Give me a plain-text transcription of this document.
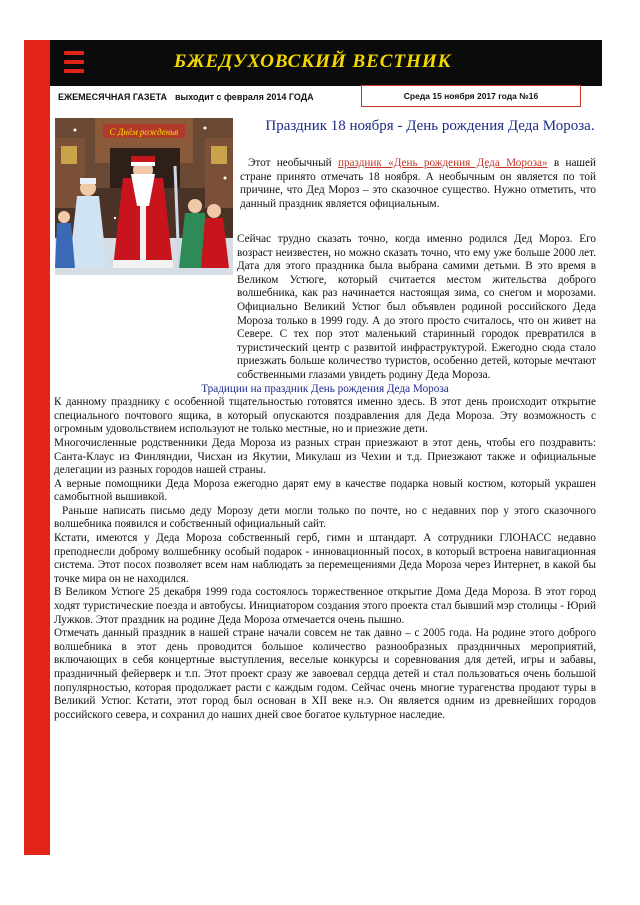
БЖЕДУХОВСКИЙ ВЕСТНИК
ЕЖЕМЕСЯЧНАЯ ГАЗЕТА выходит с февраля 2014 ГОДА	Среда 15 ноября 2017 года №16
С Днём рожденья	Праздник 18 ноября - День рождения Деда Мороза.

Этот необычный праздник «День рождения Деда Мороза» в нашей стране принято отмечать 18 ноября. А необычным он является по той причине, что Дед Мороз – это сказочное существо. Нужно отметить, что данный праздник является официальным.

Сейчас трудно сказать точно, когда именно родился Дед Мороз. Его возраст неизвестен, но можно сказать точно, что ему уже больше 2000 лет. Дата для этого праздника была выбрана самими детьми. В это время в Великом Устюге, который считается местом жительства доброго волшебника, как раз начинается настоящая зима, со снегом и морозами. Официально Великий Устюг был объявлен родиной российского Деда Мороза только в 1999 году. А до этого просто считалось, что он живет на Севере. С тех пор этот маленький старинный городок превратился в туристический центр с развитой инфраструктурой. Ежегодно сюда стало приезжать больше количество туристов, особенно детей, которые мечтают собственными глазами увидеть родину Деда Мороза.

Традиции на праздник День рождения Деда Мороза

К данному празднику с особенной тщательностью готовятся именно здесь. В этот день происходит открытие специального почтового ящика, в который опускаются поздравления для Деда Мороза. Эту возможность с огромным удовольствием используют не только местные, но и приезжие дети.

Многочисленные родственники Деда Мороза из разных стран приезжают в этот день, чтобы его поздравить: Санта-Клаус из Финляндии, Чисхан из Якутии, Микулаш из Чехии и т.д. Приезжают также и официальные делегации из разных городов нашей страны.

А верные помощники Деда Мороза ежегодно дарят ему в качестве подарка новый костюм, который украшен самобытной вышивкой.

Раньше написать письмо деду Морозу дети могли только по почте, но с недавних пор у этого сказочного волшебника появился и собственный официальный сайт.

Кстати, имеются у Деда Мороза собственный герб, гимн и штандарт. А сотрудники ГЛОНАСС недавно преподнесли доброму волшебнику особый подарок - инновационный посох, в который встроена навигационная система. Этот посох позволяет всем нам наблюдать за перемещениями Деда Мороза через Интернет, в какой бы точке мира он не находился.

В Великом Устюге 25 декабря 1999 года состоялось торжественное открытие Дома Деда Мороза. В этот город ходят туристические поезда и автобусы. Инициатором создания этого проекта стал бывший мэр столицы - Юрий Лужков. Этот праздник на родине Деда Мороза отмечается очень пышно.

Отмечать данный праздник в нашей стране начали совсем не так давно – с 2005 года. На родине этого доброго волшебника в этот день проводится большое количество разнообразных праздничных мероприятий, включающих в себя концертные выступления, веселые конкурсы и соревнования для детей, игры и забавы, праздничный фейерверк и т.п. Этот проект сразу же завоевал сердца детей и стал пользоваться очень большой популярностью, которая продолжает расти с каждым годом. Сейчас очень многие турагенства продают туры в Великий Устюг. Кстати, этот город был основан в XII веке н.э. Он является одним из древнейших городов российского севера, и сохранил до наших дней свое богатое культурное наследие.
